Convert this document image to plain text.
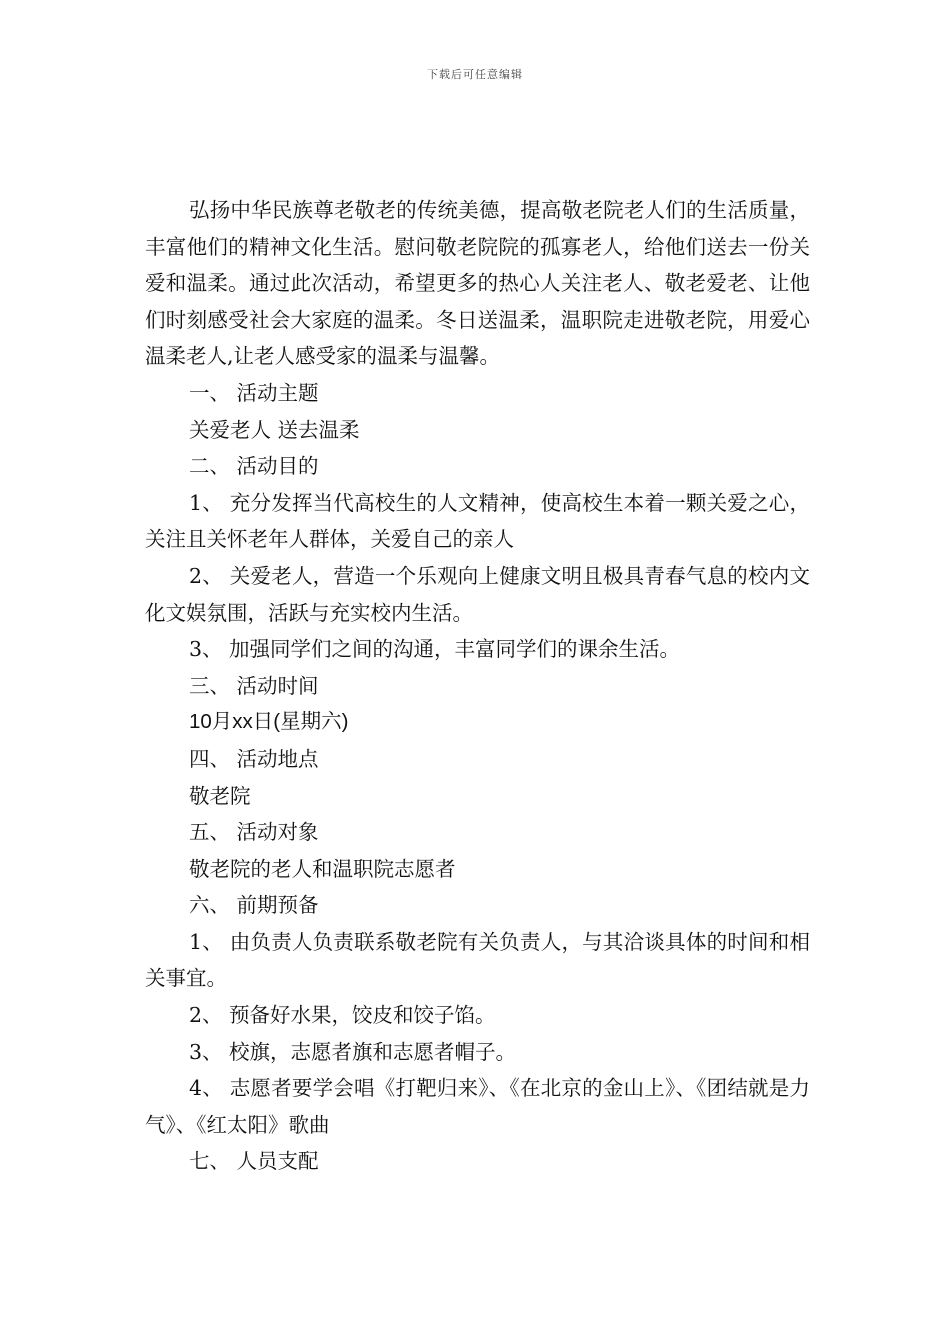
下载后可任意编辑

弘扬中华民族尊老敬老的传统美德，提高敬老院老人们的生活质量，丰富他们的精神文化生活。慰问敬老院院的孤寡老人，给他们送去一份关爱和温柔。通过此次活动，希望更多的热心人关注老人、敬老爱老、让他们时刻感受社会大家庭的温柔。冬日送温柔，温职院走进敬老院，用爱心温柔老人,让老人感受家的温柔与温馨。

一、 活动主题

关爱老人 送去温柔

二、 活动目的

1、 充分发挥当代高校生的人文精神，使高校生本着一颗关爱之心，关注且关怀老年人群体，关爱自己的亲人

2、 关爱老人，营造一个乐观向上健康文明且极具青春气息的校内文化文娱氛围，活跃与充实校内生活。

3、 加强同学们之间的沟通，丰富同学们的课余生活。

三、 活动时间

10月xx日(星期六)

四、 活动地点

敬老院

五、 活动对象

敬老院的老人和温职院志愿者

六、 前期预备

1、 由负责人负责联系敬老院有关负责人，与其洽谈具体的时间和相关事宜。

2、 预备好水果，饺皮和饺子馅。

3、 校旗，志愿者旗和志愿者帽子。

4、 志愿者要学会唱《打靶归来》、《在北京的金山上》、《团结就是力气》、《红太阳》歌曲

七、 人员支配
